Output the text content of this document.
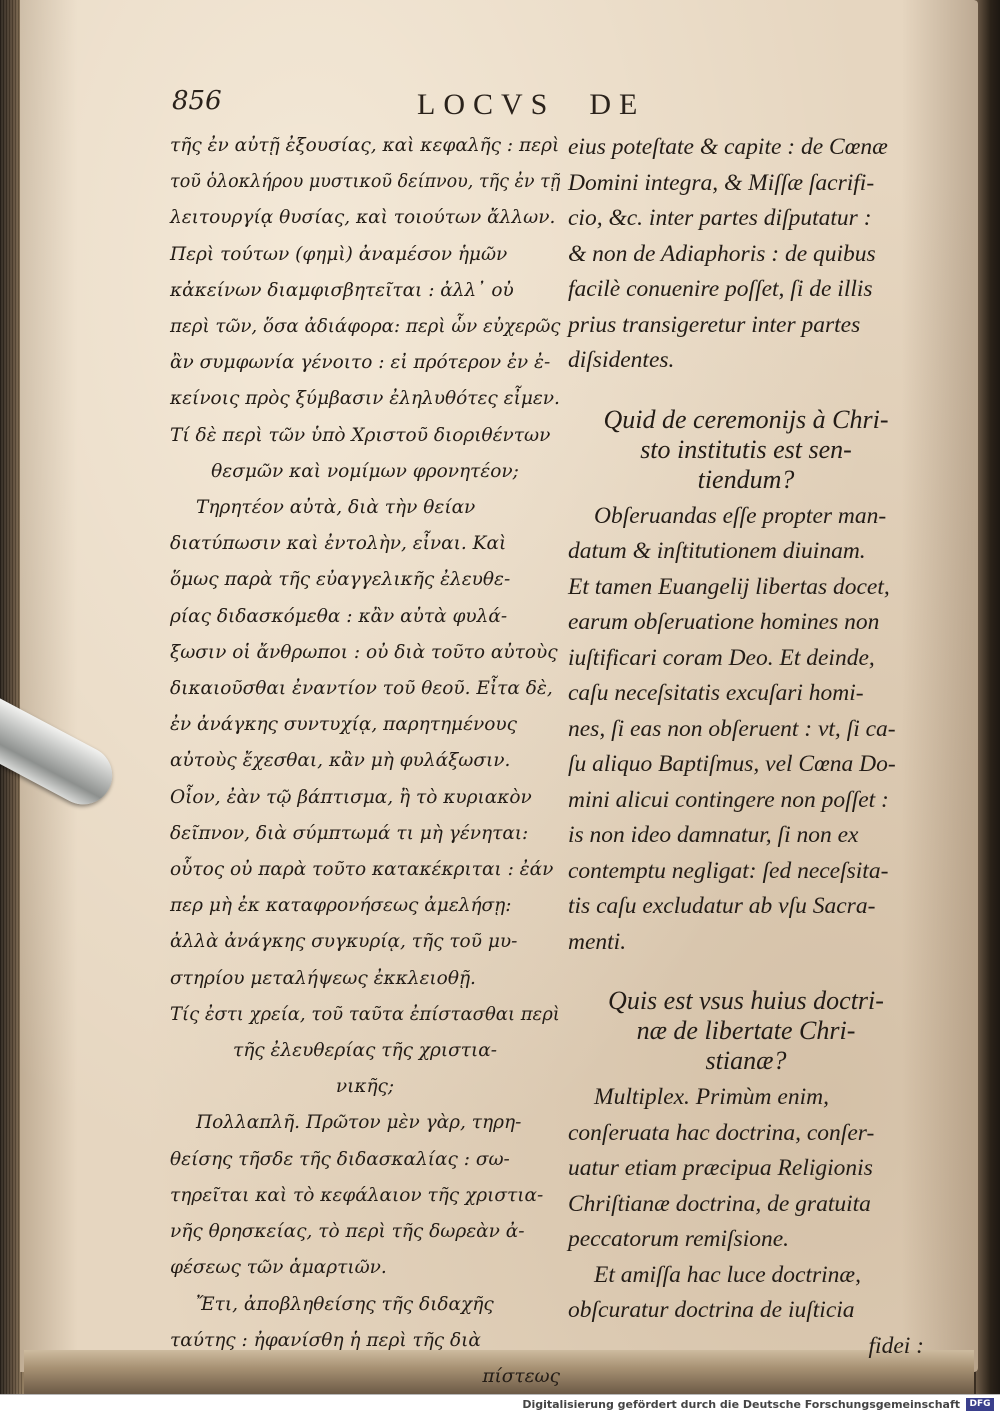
856	LOCVS DE
τῆς ἐν αὐτῇ ἐξουσίας, καὶ κεφαλῆς : περὶ
τοῦ ὁλοκλήρου μυστικοῦ δείπνου, τῆς ἐν τῇ
λειτουργίᾳ θυσίας, καὶ τοιούτων ἄλλων.
Περὶ τούτων (φημὶ) ἀναμέσον ἡμῶν
κἀκείνων διαμφισβητεῖται : ἀλλ᾽ οὐ
περὶ τῶν, ὅσα ἀδιάφορα: περὶ ὧν εὐχερῶς
ἂν συμφωνία γένοιτο : εἰ πρότερον ἐν ἐ-
κείνοις πρὸς ξύμβασιν ἐληλυθότες εἶμεν.
Τί δὲ περὶ τῶν ὑπὸ Χριστοῦ διοριθέντων
θεσμῶν καὶ νομίμων φρονητέον;
Τηρητέον αὐτὰ, διὰ τὴν θείαν
διατύπωσιν καὶ ἐντολὴν, εἶναι. Καὶ
ὅμως παρὰ τῆς εὐαγγελικῆς ἐλευθε-
ρίας διδασκόμεθα : κἂν αὐτὰ φυλά-
ξωσιν οἱ ἄνθρωποι : οὐ διὰ τοῦτο αὐτοὺς
δικαιοῦσθαι ἐναντίον τοῦ θεοῦ. Εἶτα δὲ,
ἐν ἀνάγκης συντυχίᾳ, παρητημένους
αὐτοὺς ἔχεσθαι, κἂν μὴ φυλάξωσιν.
Οἷον, ἐὰν τῷ βάπτισμα, ἢ τὸ κυριακὸν
δεῖπνον, διὰ σύμπτωμά τι μὴ γένηται:
οὗτος οὐ παρὰ τοῦτο κατακέκριται : ἐάν
περ μὴ ἐκ καταφρονήσεως ἀμελήσῃ:
ἀλλὰ ἀνάγκης συγκυρίᾳ, τῆς τοῦ μυ-
στηρίου μεταλήψεως ἐκκλειοθῇ.
Τίς ἐστι χρεία, τοῦ ταῦτα ἐπίστασθαι περὶ
τῆς ἐλευθερίας τῆς χριστια-
νικῆς;
Πολλαπλῆ. Πρῶτον μὲν γὰρ, τηρη-
θείσης τῆσδε τῆς διδασκαλίας : σω-
τηρεῖται καὶ τὸ κεφάλαιον τῆς χριστια-
νῆς θρησκείας, τὸ περὶ τῆς δωρεὰν ἀ-
φέσεως τῶν ἁμαρτιῶν.
Ἔτι, ἀποβληθείσης τῆς διδαχῆς
ταύτης : ἠφανίσθη ἡ περὶ τῆς διὰ
πίστεως
eius poteſtate & capite : de Cœnæ
Domini integra, & Miſſæ ſacrifi-
cio, &c. inter partes diſputatur :
& non de Adiaphoris : de quibus
facilè conuenire poſſet, ſi de illis
prius transigeretur inter partes
diſsidentes.
Quid de ceremonijs à Chri-
sto institutis est sen-
tiendum?
Obſeruandas eſſe propter man-
datum & inſtitutionem diuinam.
Et tamen Euangelij libertas docet,
earum obſeruatione homines non
iuſtificari coram Deo. Et deinde,
caſu neceſsitatis excuſari homi-
nes, ſi eas non obſeruent : vt, ſi ca-
ſu aliquo Baptiſmus, vel Cœna Do-
mini alicui contingere non poſſet :
is non ideo damnatur, ſi non ex
contemptu negligat: ſed neceſsita-
tis caſu excludatur ab vſu Sacra-
menti.
Quis est vsus huius doctri-
næ de libertate Chri-
stianæ?
Multiplex. Primùm enim,
conſeruata hac doctrina, conſer-
uatur etiam præcipua Religionis
Chriſtianæ doctrina, de gratuita
peccatorum remiſsione.
Et amiſſa hac luce doctrinæ,
obſcuratur doctrina de iuſticia
fidei :
Digitalisierung gefördert durch die Deutsche Forschungsgemeinschaft	DFG
